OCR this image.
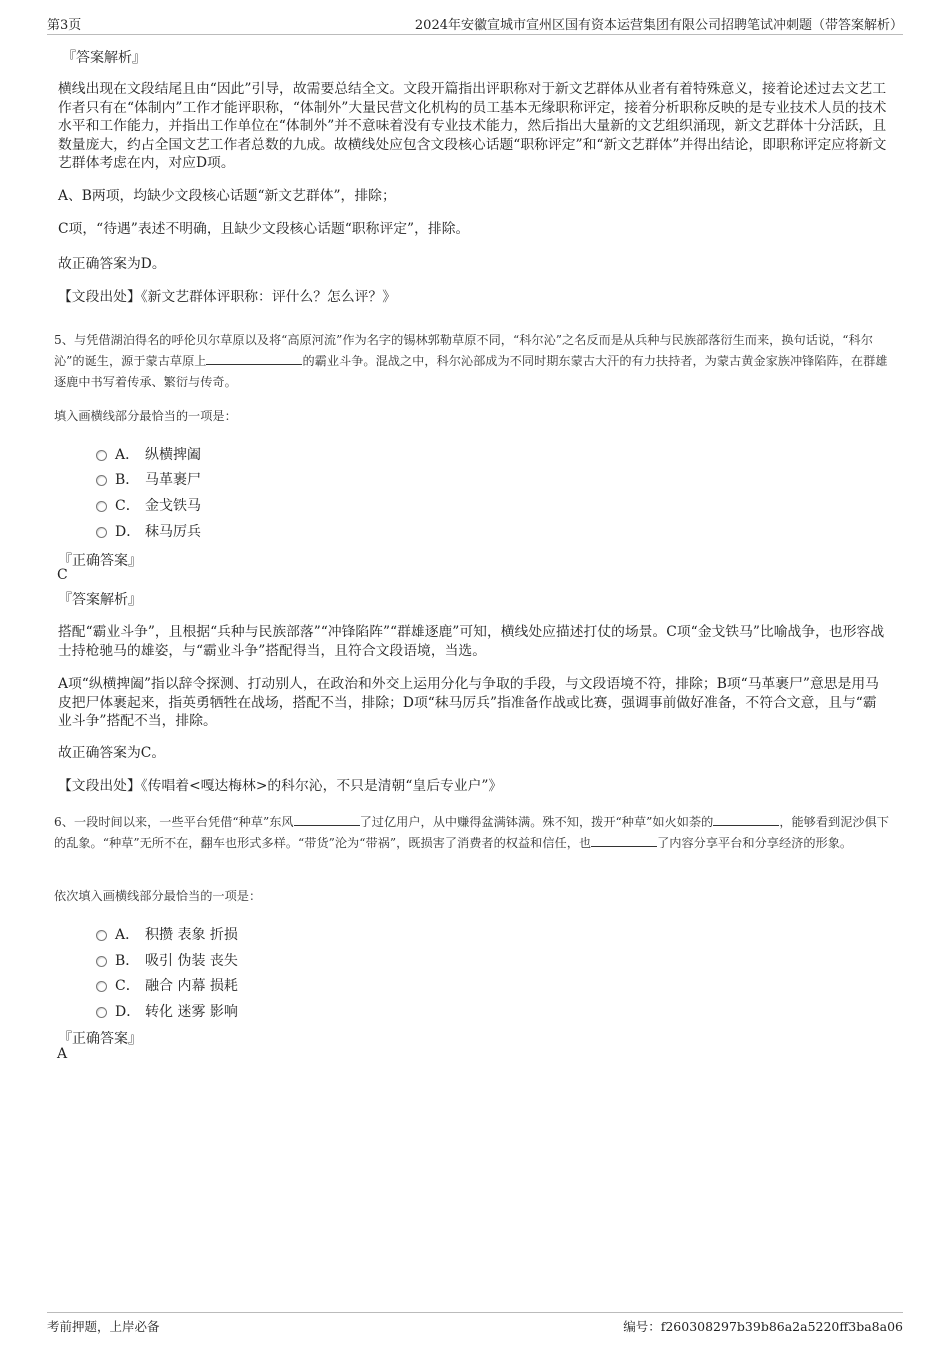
第3页	2024年安徽宣城市宣州区国有资本运营集团有限公司招聘笔试冲刺题（带答案解析）
『答案解析』
横线出现在文段结尾且由“因此”引导，故需要总结全文。文段开篇指出评职称对于新文艺群体从业者有着特殊意义，接着论述过去文艺工作者只有在“体制内”工作才能评职称，“体制外”大量民营文化机构的员工基本无缘职称评定，接着分析职称反映的是专业技术人员的技术水平和工作能力，并指出工作单位在“体制外”并不意味着没有专业技术能力，然后指出大量新的文艺组织涌现，新文艺群体十分活跃，且数量庞大，约占全国文艺工作者总数的九成。故横线处应包含文段核心话题“职称评定”和“新文艺群体”并得出结论，即职称评定应将新文艺群体考虑在内，对应D项。
A、B两项，均缺少文段核心话题“新文艺群体”，排除；
C项，“待遇”表述不明确，且缺少文段核心话题“职称评定”，排除。
故正确答案为D。
【文段出处】《新文艺群体评职称：评什么？怎么评？》
5、与凭借湖泊得名的呼伦贝尔草原以及将“高原河流”作为名字的锡林郭勒草原不同，“科尔沁”之名反而是从兵种与民族部落衍生而来，换句话说，“科尔沁”的诞生，源于蒙古草原上	的霸业斗争。混战之中，科尔沁部成为不同时期东蒙古大汗的有力扶持者，为蒙古黄金家族冲锋陷阵，在群雄逐鹿中书写着传承、繁衍与传奇。
填入画横线部分最恰当的一项是：
A． 纵横捭阖
B． 马革裹尸
C． 金戈铁马
D． 秣马厉兵
『正确答案』
C
『答案解析』
搭配“霸业斗争”，且根据“兵种与民族部落”“冲锋陷阵”“群雄逐鹿”可知，横线处应描述打仗的场景。C项“金戈铁马”比喻战争，也形容战士持枪驰马的雄姿，与“霸业斗争”搭配得当，且符合文段语境，当选。
A项“纵横捭阖”指以辞令探测、打动别人，在政治和外交上运用分化与争取的手段，与文段语境不符，排除；B项“马革裹尸”意思是用马皮把尸体裹起来，指英勇牺牲在战场，搭配不当，排除；D项“秣马厉兵”指准备作战或比赛，强调事前做好准备，不符合文意，且与“霸业斗争”搭配不当，排除。
故正确答案为C。
【文段出处】《传唱着<嘎达梅林>的科尔沁，不只是清朝“皇后专业户”》
6、一段时间以来，一些平台凭借“种草”东风	了过亿用户，从中赚得盆满钵满。殊不知，拨开“种草”如火如荼的	，能够看到泥沙俱下的乱象。“种草”无所不在，翻车也形式多样。“带货”沦为“带祸”，既损害了消费者的权益和信任，也	了内容分享平台和分享经济的形象。
依次填入画横线部分最恰当的一项是：
A． 积攒 表象 折损
B． 吸引 伪装 丧失
C． 融合 内幕 损耗
D． 转化 迷雾 影响
『正确答案』
A
考前押题，上岸必备	编号：f260308297b39b86a2a5220ff3ba8a06
